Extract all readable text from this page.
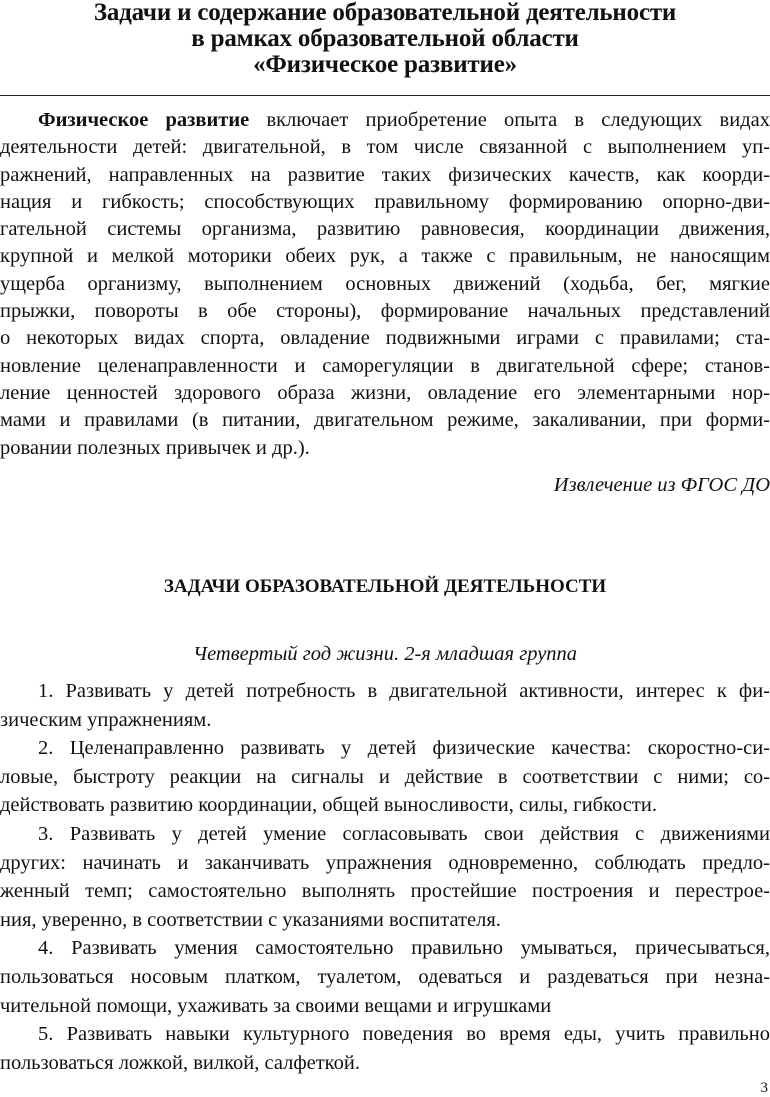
Задачи и содержание образовательной деятельности
в рамках образовательной области
«Физическое развитие»
Физическое развитие включает приобретение опыта в следующих видах
деятельности детей: двигательной, в том числе связанной с выполнением уп-
ражнений, направленных на развитие таких физических качеств, как коорди-
нация и гибкость; способствующих правильному формированию опорно-дви-
гательной системы организма, развитию равновесия, координации движения,
крупной и мелкой моторики обеих рук, а также с правильным, не наносящим
ущерба организму, выполнением основных движений (ходьба, бег, мягкие
прыжки, повороты в обе стороны), формирование начальных представлений
о некоторых видах спорта, овладение подвижными играми с правилами; ста-
новление целенаправленности и саморегуляции в двигательной сфере; станов-
ление ценностей здорового образа жизни, овладение его элементарными нор-
мами и правилами (в питании, двигательном режиме, закаливании, при форми-
ровании полезных привычек и др.).
Извлечение из ФГОС ДО
ЗАДАЧИ ОБРАЗОВАТЕЛЬНОЙ ДЕЯТЕЛЬНОСТИ
Четвертый год жизни. 2-я младшая группа
1. Развивать у детей потребность в двигательной активности, интерес к фи-
зическим упражнениям.
2. Целенаправленно развивать у детей физические качества: скоростно-си-
ловые, быстроту реакции на сигналы и действие в соответствии с ними; со-
действовать развитию координации, общей выносливости, силы, гибкости.
3. Развивать у детей умение согласовывать свои действия с движениями
других: начинать и заканчивать упражнения одновременно, соблюдать предло-
женный темп; самостоятельно выполнять простейшие построения и перестрое-
ния, уверенно, в соответствии с указаниями воспитателя.
4. Развивать умения самостоятельно правильно умываться, причесываться,
пользоваться носовым платком, туалетом, одеваться и раздеваться при незна-
чительной помощи, ухаживать за своими вещами и игрушками
5. Развивать навыки культурного поведения во время еды, учить правильно
пользоваться ложкой, вилкой, салфеткой.
3
